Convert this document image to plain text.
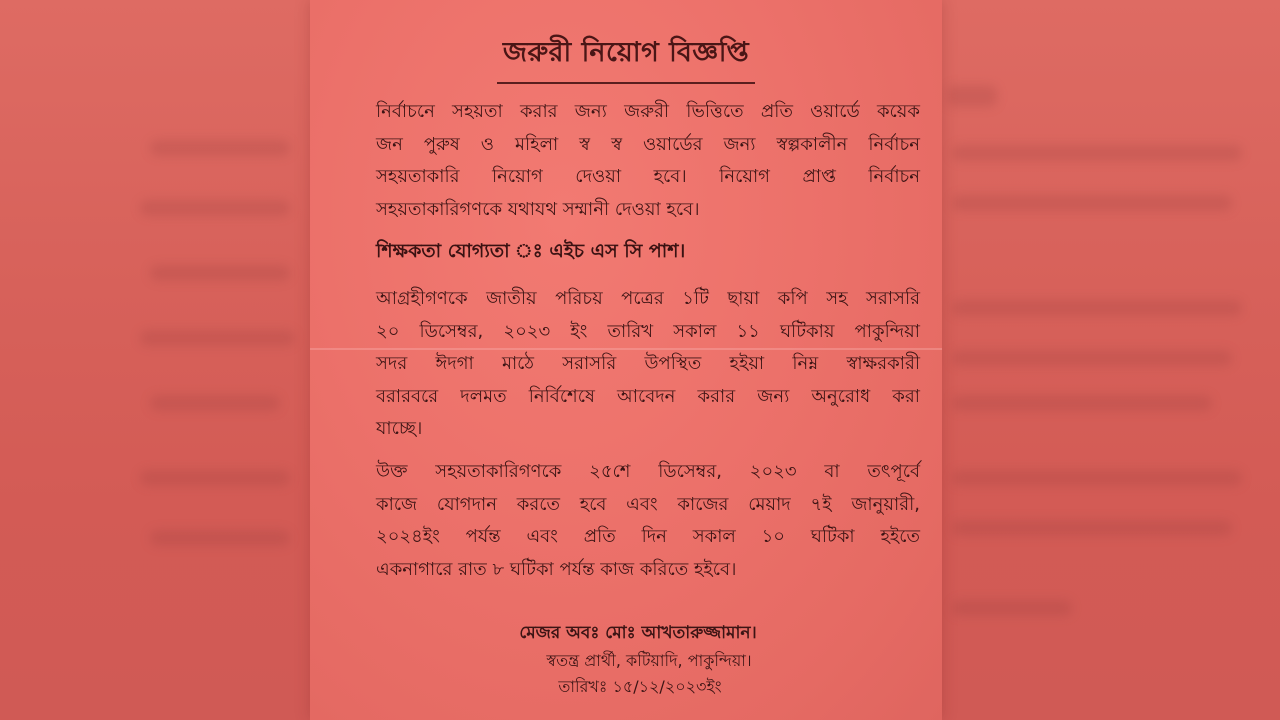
জরুরী নিয়োগ বিজ্ঞপ্তি
নির্বাচনে সহয়তা করার জন্য জরুরী ভিত্তিতে প্রতি ওয়ার্ডে কয়েক
জন পুরুষ ও মহিলা স্ব স্ব ওয়ার্ডের জন্য স্বল্পকালীন নির্বাচন
সহয়তাকারি নিয়োগ দেওয়া হবে। নিয়োগ প্রাপ্ত নির্বাচন
সহয়তাকারিগণকে যথাযথ সম্মানী দেওয়া হবে।

শিক্ষকতা যোগ্যতা ঃ এইচ এস সি পাশ।

আগ্রহীগণকে জাতীয় পরিচয় পত্রের ১টি ছায়া কপি সহ সরাসরি
২০ ডিসেম্বর, ২০২৩ ইং তারিখ সকাল ১১ ঘটিকায় পাকুন্দিয়া
সদর ঈদগা মাঠে সরাসরি উপস্থিত হইয়া নিম্ন স্বাক্ষরকারী
বরারবরে দলমত নির্বিশেষে আবেদন করার জন্য অনুরোধ করা
যাচ্ছে।
উক্ত সহয়তাকারিগণকে ২৫শে ডিসেম্বর, ২০২৩ বা তৎপূর্বে
কাজে যোগদান করতে হবে এবং কাজের মেয়াদ ৭ই জানুয়ারী,
২০২৪ইং পর্যন্ত এবং প্রতি দিন সকাল ১০ ঘটিকা হইতে
একনাগারে রাত ৮ ঘটিকা পর্যন্ত কাজ করিতে হইবে।

মেজর অবঃ মোঃ আখতারুজ্জামান।

স্বতন্ত্র প্রার্থী, কটিয়াদি, পাকুন্দিয়া।

তারিখঃ ১৫/১২/২০২৩ইং
